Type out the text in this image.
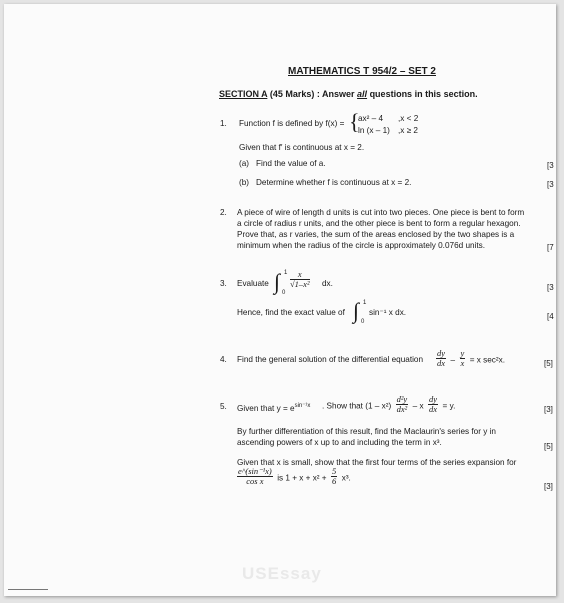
MATHEMATICS T 954/2 – SET 2
SECTION A (45 Marks) : Answer all questions in this section.
1. Function f is defined by f(x) = {
ax² – 4 ,x < 2
ln (x – 1) ,x ≥ 2
Given that f′ is continuous at x = 2.
(a) Find the value of a.	[3
(b) Determine whether f is continuous at x = 2.	[3
2. A piece of wire of length d units is cut into two pieces. One piece is bent to form
a circle of radius r units, and the other piece is bent to form a regular hexagon.
Prove that, as r varies, the sum of the areas enclosed by the two shapes is a
minimum when the radius of the circle is approximately 0.076d units.	[7
3. Evaluate ∫ 1
0
$\frac{x}{\text{√1–x²}}$ dx.	[3
Hence, find the exact value of ∫ 1
0
sin⁻¹ x dx.	[4
4. Find the general solution of the differential equation $\frac{dy}{dx} - \frac{y}{x} = x$ sec²x.	[5]
5. Given that $y = e^{sin^{-1}x}$ . Show that $(1 - x^2) \frac{\text{d²y}}{\text{dx²}} - x \frac{dy}{dx} = y$.	[3]
By further differentiation of this result, find the Maclaurin's series for y in
ascending powers of x up to and including the term in x³.	[5]
Given that x is small, show that the first four terms of the series expansion for
$\frac{\text{e\textasciicircum{}(sin⁻¹x)}}{\text{cos x}}$ is $1 + x + x^2 + \frac{5}{6} x^3$.
[3]
USEssay
